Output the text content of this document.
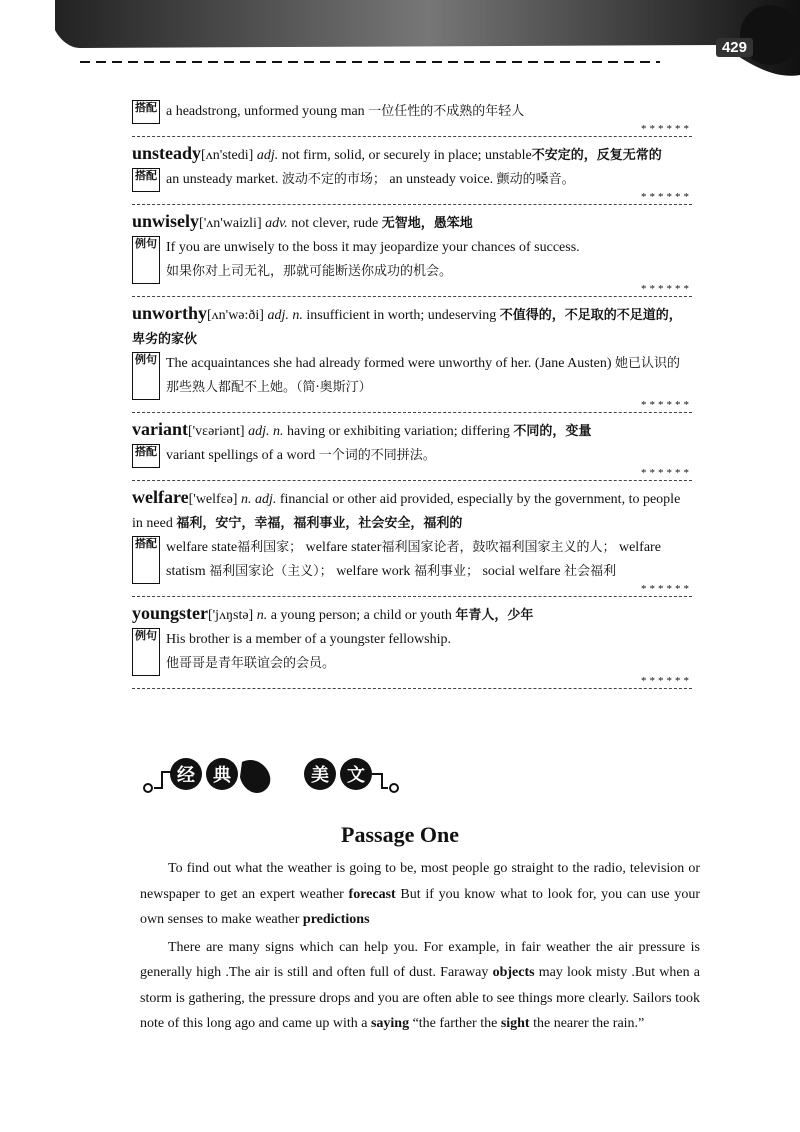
429
搭配 a headstrong, unformed young man 一位任性的不成熟的年轻人
******
unsteady[ʌn'stedi] adj. not firm, solid, or securely in place; unstable不安定的，反复无常的
搭配 an unsteady market. 波动不定的市场； an unsteady voice. 颤动的嗓音。
******
unwisely['ʌn'waizli] adv. not clever, rude 无智地，愚笨地
例句 If you are unwisely to the boss it may jeopardize your chances of success.
如果你对上司无礼，那就可能断送你成功的机会。
******
unworthy[ʌn'wə:ði] adj. n. insufficient in worth; undeserving 不值得的，不足取的不足道的，卑劣的家伙
例句 The acquaintances she had already formed were unworthy of her. (Jane Austen) 她已认识的那些熟人都配不上她。（简·奥斯汀）
******
variant['vɛəriənt] adj. n. having or exhibiting variation; differing 不同的，变量
搭配 variant spellings of a word 一个词的不同拼法。
******
welfare['welfɛə] n. adj. financial or other aid provided, especially by the government, to people in need 福利，安宁，幸福，福利事业，社会安全，福利的
搭配 welfare state福利国家； welfare stater福利国家论者，鼓吹福利国家主义的人； welfare statism 福利国家论（主义）； welfare work 福利事业； social welfare 社会福利
******
youngster['jʌŋstə] n. a young person; a child or youth 年青人，少年
例句 His brother is a member of a youngster fellowship.
他哥哥是青年联谊会的会员。
******
经 典	美 文
Passage One

To find out what the weather is going to be, most people go straight to the radio, television or newspaper to get an expert weather forecast But if you know what to look for, you can use your own senses to make weather predictions

There are many signs which can help you. For example, in fair weather the air pressure is generally high .The air is still and often full of dust. Faraway objects may look misty .But when a storm is gathering, the pressure drops and you are often able to see things more clearly. Sailors took note of this long ago and came up with a saying “the farther the sight the nearer the rain.”
